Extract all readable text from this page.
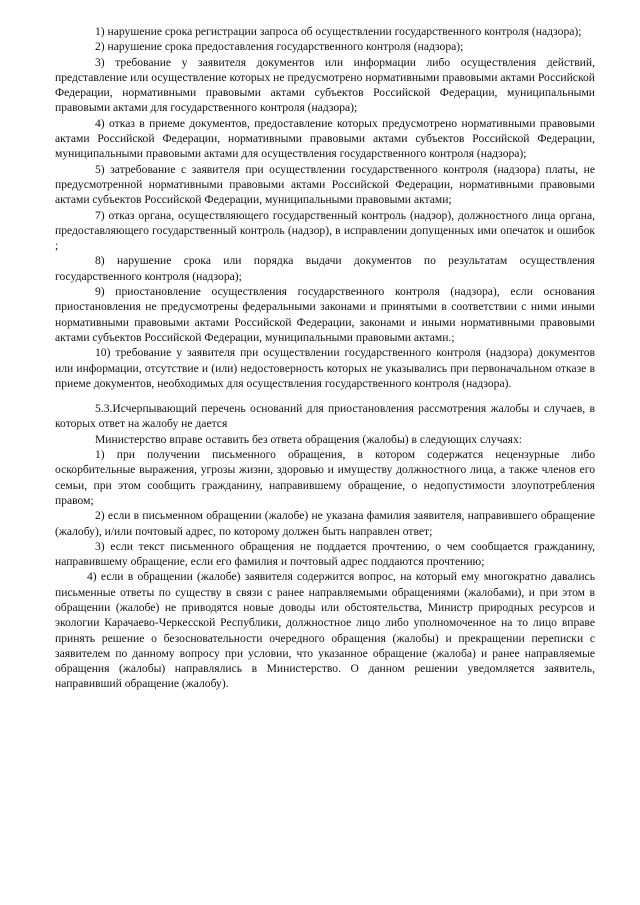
1) нарушение срока регистрации запроса об осуществлении государственного контроля (надзора);

2) нарушение срока предоставления государственного контроля (надзора);

3) требование у заявителя документов или информации либо осуществления действий, представление или осуществление которых не предусмотрено нормативными правовыми актами Российской Федерации, нормативными правовыми актами субъектов Российской Федерации, муниципальными правовыми актами для государственного контроля (надзора);

4) отказ в приеме документов, предоставление которых предусмотрено нормативными правовыми актами Российской Федерации, нормативными правовыми актами субъектов Российской Федерации, муниципальными правовыми актами для осуществления государственного контроля (надзора);

5) затребование с заявителя при осуществлении государственного контроля (надзора) платы, не предусмотренной нормативными правовыми актами Российской Федерации, нормативными правовыми актами субъектов Российской Федерации, муниципальными правовыми актами;

7) отказ органа, осуществляющего государственный контроль (надзор), должностного лица органа, предоставляющего государственный контроль (надзор), в исправлении допущенных ими опечаток и ошибок ;

8) нарушение срока или порядка выдачи документов по результатам осуществления государственного контроля (надзора);

9) приостановление осуществления государственного контроля (надзора), если основания приостановления не предусмотрены федеральными законами и принятыми в соответствии с ними иными нормативными правовыми актами Российской Федерации, законами и иными нормативными правовыми актами субъектов Российской Федерации, муниципальными правовыми актами.;

10) требование у заявителя при осуществлении государственного контроля (надзора) документов или информации, отсутствие и (или) недостоверность которых не указывались при первоначальном отказе в приеме документов, необходимых для осуществления государственного контроля (надзора).

5.3.Исчерпывающий перечень оснований для приостановления рассмотрения жалобы и случаев, в которых ответ на жалобу не дается

Министерство вправе оставить без ответа обращения (жалобы) в следующих случаях:

1) при получении письменного обращения, в котором содержатся нецензурные либо оскорбительные выражения, угрозы жизни, здоровью и имуществу должностного лица, а также членов его семьи, при этом сообщить гражданину, направившему обращение, о недопустимости злоупотребления правом;

2) если в письменном обращении (жалобе) не указана фамилия заявителя, направившего обращение (жалобу), и/или почтовый адрес, по которому должен быть направлен ответ;

3) если текст письменного обращения не поддается прочтению, о чем сообщается гражданину, направившему обращение, если его фамилия и почтовый адрес поддаются прочтению;

4) если в обращении (жалобе) заявителя содержится вопрос, на который ему многократно давались письменные ответы по существу в связи с ранее направляемыми обращениями (жалобами), и при этом в обращении (жалобе) не приводятся новые доводы или обстоятельства, Министр природных ресурсов и экологии Карачаево-Черкесской Республики, должностное лицо либо уполномоченное на то лицо вправе принять решение о безосновательности очередного обращения (жалобы) и прекращении переписки с заявителем по данному вопросу при условии, что указанное обращение (жалоба) и ранее направляемые обращения (жалобы) направлялись в Министерство. О данном решении уведомляется заявитель, направивший обращение (жалобу).
